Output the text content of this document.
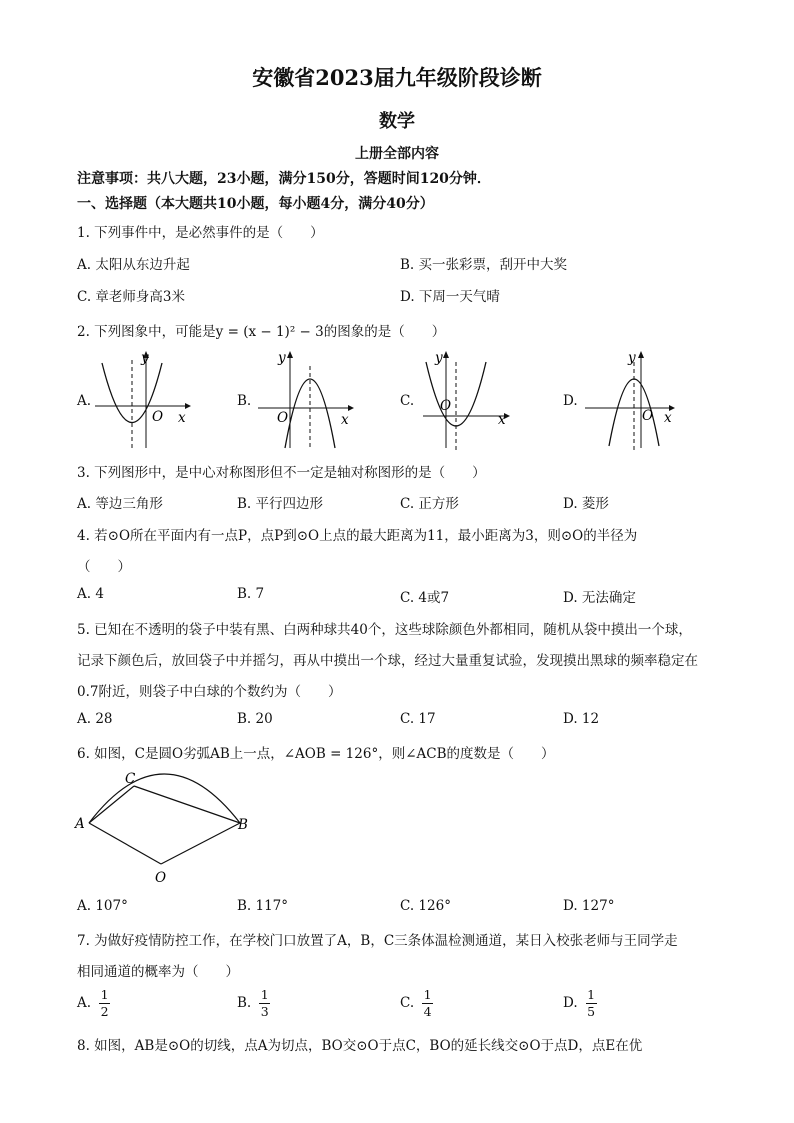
安徽省2023届九年级阶段诊断
数学
上册全部内容
注意事项：共八大题，23小题，满分150分，答题时间120分钟．
一、选择题（本大题共10小题，每小题4分，满分40分）
1. 下列事件中，是必然事件的是（　　）
A. 太阳从东边升起	B. 买一张彩票，刮开中大奖
C. 章老师身高3米	D. 下周一天气晴
2. 下列图象中，可能是y = (x − 1)² − 3的图象的是（　　）
A.	B.	C.	D.
y
x
O
y
x
O
y
x
O
y
x
O
3. 下列图形中，是中心对称图形但不一定是轴对称图形的是（　　）
A. 等边三角形	B. 平行四边形	C. 正方形	D. 菱形
4. 若⊙O所在平面内有一点P，点P到⊙O上点的最大距离为11，最小距离为3，则⊙O的半径为
（　　）
A. 4	B. 7	C. 4或7	D. 无法确定
5. 已知在不透明的袋子中装有黑、白两种球共40个，这些球除颜色外都相同，随机从袋中摸出一个球，
记录下颜色后，放回袋子中并摇匀，再从中摸出一个球，经过大量重复试验，发现摸出黑球的频率稳定在
0.7附近，则袋子中白球的个数约为（　　）
A. 28	B. 20	C. 17	D. 12
6. 如图，C是圆O劣弧AB上一点，∠AOB = 126°，则∠ACB的度数是（　　）
C
A	B
O
A. 107°	B. 117°	C. 126°	D. 127°
7. 为做好疫情防控工作，在学校门口放置了A，B，C三条体温检测通道，某日入校张老师与王同学走
相同通道的概率为（　　）
A. $\frac{1}{2}$	B. $\frac{1}{3}$	C. $\frac{1}{4}$	D. $\frac{1}{5}$
8. 如图，AB是⊙O的切线，点A为切点，BO交⊙O于点C，BO的延长线交⊙O于点D，点E在优
